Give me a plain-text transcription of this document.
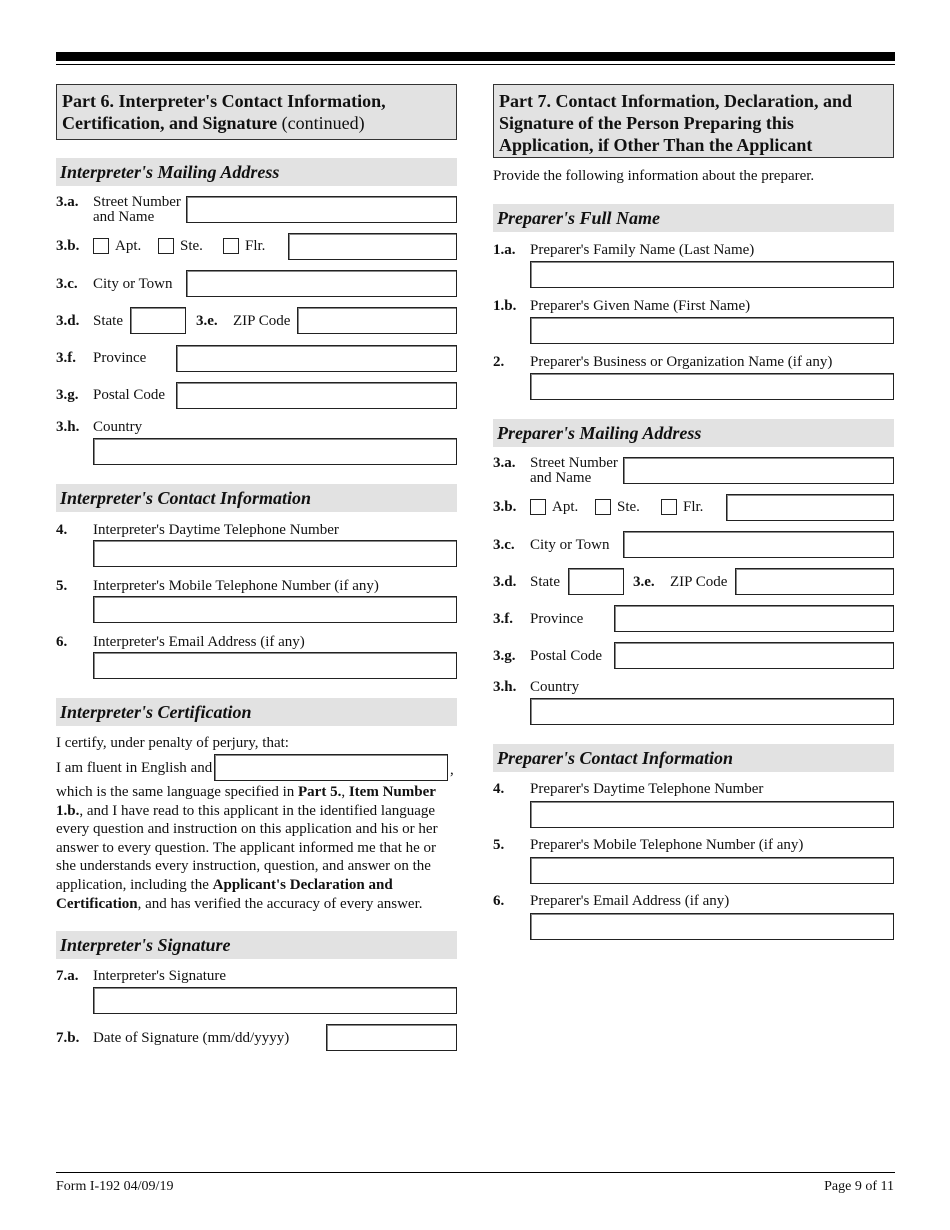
Part 6. Interpreter's Contact Information, Certification, and Signature (continued)
Interpreter's Mailing Address
3.a. Street Number
and Name
3.b. Apt.	Ste.	Flr.
3.c. City or Town
3.d. State	3.e. ZIP Code
3.f. Province
3.g. Postal Code
3.h. Country
Interpreter's Contact Information
4. Interpreter's Daytime Telephone Number
5. Interpreter's Mobile Telephone Number (if any)
6. Interpreter's Email Address (if any)
Interpreter's Certification
I certify, under penalty of perjury, that:
I am fluent in English and	,
which is the same language specified in Part 5., Item Number 1.b., and I have read to this applicant in the identified language every question and instruction on this application and his or her answer to every question. The applicant informed me that he or she understands every instruction, question, and answer on the application, including the Applicant's Declaration and Certification, and has verified the accuracy of every answer.
Interpreter's Signature
7.a. Interpreter's Signature
7.b. Date of Signature (mm/dd/yyyy)
Part 7. Contact Information, Declaration, and Signature of the Person Preparing this Application, if Other Than the Applicant
Provide the following information about the preparer.
Preparer's Full Name
1.a. Preparer's Family Name (Last Name)
1.b. Preparer's Given Name (First Name)
2. Preparer's Business or Organization Name (if any)
Preparer's Mailing Address
3.a. Street Number
and Name
3.b. Apt.	Ste.	Flr.
3.c. City or Town
3.d. State	3.e. ZIP Code
3.f. Province
3.g. Postal Code
3.h. Country
Preparer's Contact Information
4. Preparer's Daytime Telephone Number
5. Preparer's Mobile Telephone Number (if any)
6. Preparer's Email Address (if any)
Form I-192 04/09/19	Page 9 of 11
